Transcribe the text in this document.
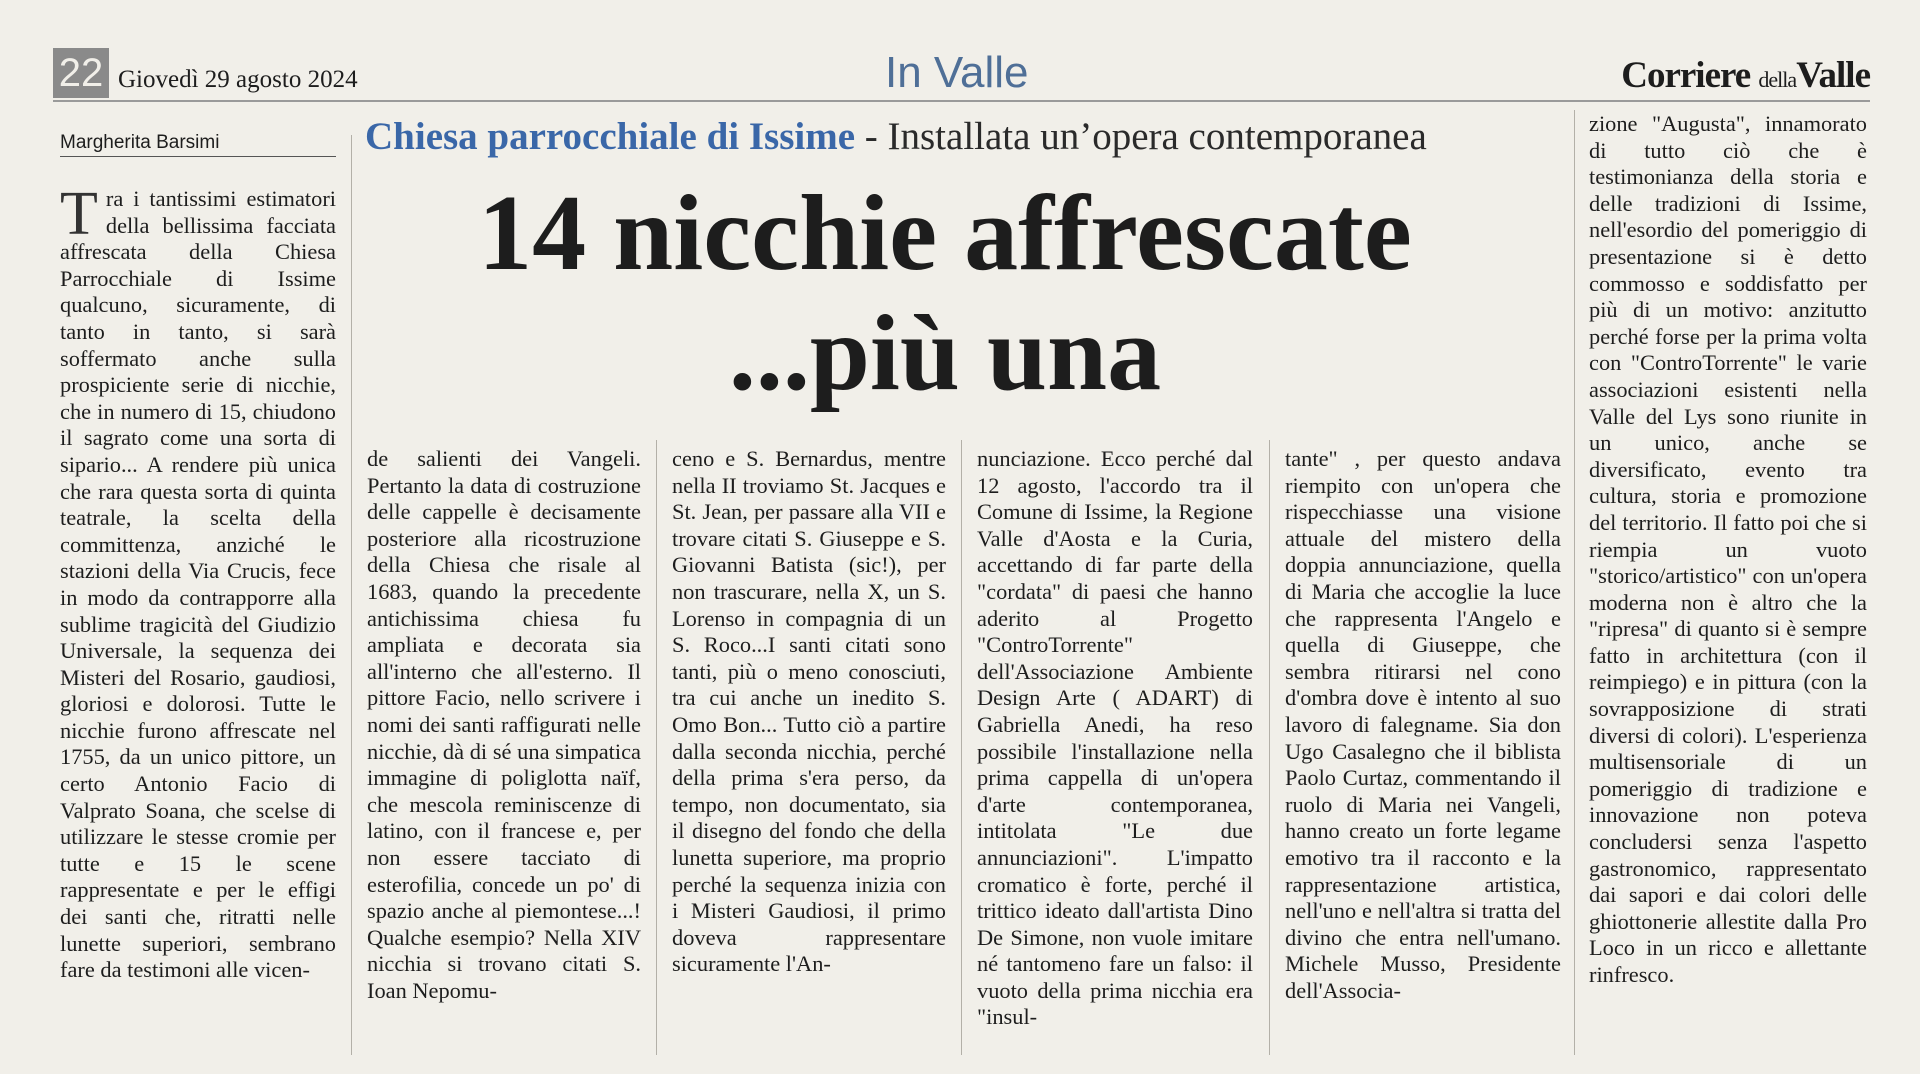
22 Giovedì 29 agosto 2024	In Valle	Corriere dellaValle
Margherita Barsimi	Chiesa parrocchiale di Issime - Installata un’opera contemporanea
14 nicchie affrescate
...più una
Tra i tantissimi estimatori della bellissima facciata affrescata della Chiesa Parrocchiale di Issime qualcuno, sicuramente, di tanto in tanto, si sarà soffermato anche sulla prospiciente serie di nicchie, che in numero di 15, chiudono il sagrato come una sorta di sipario... A rendere più unica che rara questa sorta di quinta teatrale, la scelta della committenza, anziché le stazioni della Via Crucis, fece in modo da contrapporre alla sublime tragicità del Giudizio Universale, la sequenza dei Misteri del Rosario, gaudiosi, gloriosi e dolorosi. Tutte le nicchie furono affrescate nel 1755, da un unico pittore, un certo Antonio Facio di Valprato Soana, che scelse di utilizzare le stesse cromie per tutte e 15 le scene rappresentate e per le effigi dei santi che, ritratti nelle lunette superiori, sembrano fare da testimoni alle vicen-
de salienti dei Vangeli. Pertanto la data di costruzione delle cappelle è decisamente posteriore alla ricostruzione della Chiesa che risale al 1683, quando la precedente antichissima chiesa fu ampliata e decorata sia all'interno che all'esterno. Il pittore Facio, nello scrivere i nomi dei santi raffigurati nelle nicchie, dà di sé una simpatica immagine di poliglotta naïf, che mescola reminiscenze di latino, con il francese e, per non essere tacciato di esterofilia, concede un po' di spazio anche al piemontese...! Qualche esempio? Nella XIV nicchia si trovano citati S. Ioan Nepomu-
ceno e S. Bernardus, mentre nella II troviamo St. Jacques e St. Jean, per passare alla VII e trovare citati S. Giuseppe e S. Giovanni Batista (sic!), per non trascurare, nella X, un S. Lorenso in compagnia di un S. Roco...I santi citati sono tanti, più o meno conosciuti, tra cui anche un inedito S. Omo Bon... Tutto ciò a partire dalla seconda nicchia, perché della prima s'era perso, da tempo, non documentato, sia il disegno del fondo che della lunetta superiore, ma proprio perché la sequenza inizia con i Misteri Gaudiosi, il primo doveva rappresentare sicuramente l'An-
nunciazione. Ecco perché dal 12 agosto, l'accordo tra il Comune di Issime, la Regione Valle d'Aosta e la Curia, accettando di far parte della "cordata" di paesi che hanno aderito al Progetto "ControTorrente" dell'Associazione Ambiente Design Arte ( ADART) di Gabriella Anedi, ha reso possibile l'installazione nella prima cappella di un'opera d'arte contemporanea, intitolata "Le due annunciazioni". L'impatto cromatico è forte, perché il trittico ideato dall'artista Dino De Simone, non vuole imitare né tantomeno fare un falso: il vuoto della prima nicchia era "insul-
tante" , per questo andava riempito con un'opera che rispecchiasse una visione attuale del mistero della doppia annunciazione, quella di Maria che accoglie la luce che rappresenta l'Angelo e quella di Giuseppe, che sembra ritirarsi nel cono d'ombra dove è intento al suo lavoro di falegname. Sia don Ugo Casalegno che il biblista Paolo Curtaz, commentando il ruolo di Maria nei Vangeli, hanno creato un forte legame emotivo tra il racconto e la rappresentazione artistica, nell'uno e nell'altra si tratta del divino che entra nell'umano. Michele Musso, Presidente dell'Associa-
zione "Augusta", innamorato di tutto ciò che è testimonianza della storia e delle tradizioni di Issime, nell'esordio del pomeriggio di presentazione si è detto commosso e soddisfatto per più di un motivo: anzitutto perché forse per la prima volta con "ControTorrente" le varie associazioni esistenti nella Valle del Lys sono riunite in un unico, anche se diversificato, evento tra cultura, storia e promozione del territorio. Il fatto poi che si riempia un vuoto "storico/artistico" con un'opera moderna non è altro che la "ripresa" di quanto si è sempre fatto in architettura (con il reimpiego) e in pittura (con la sovrapposizione di strati diversi di colori). L'esperienza multisensoriale di un pomeriggio di tradizione e innovazione non poteva concludersi senza l'aspetto gastronomico, rappresentato dai sapori e dai colori delle ghiottonerie allestite dalla Pro Loco in un ricco e allettante rinfresco.
